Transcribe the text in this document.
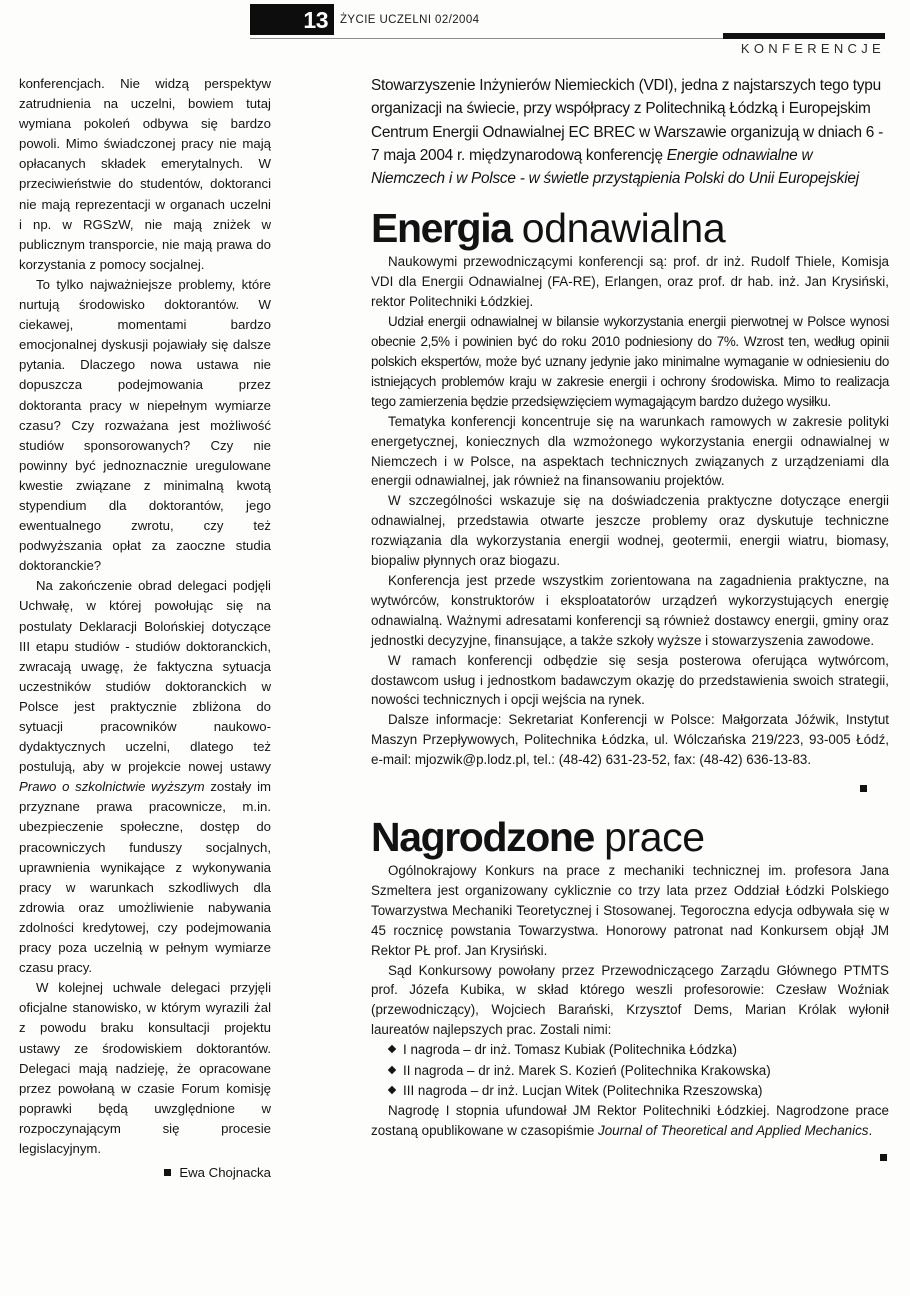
13 ŻYCIE UCZELNI 02/2004
KONFERENCJE

konferencjach. Nie widzą perspektyw zatrudnienia na uczelni, bowiem tutaj wymiana pokoleń odbywa się bardzo powoli. Mimo świadczonej pracy nie mają opłacanych składek emerytalnych. W przeciwieństwie do studentów, doktoranci nie mają reprezentacji w organach uczelni i np. w RGSzW, nie mają zniżek w publicznym transporcie, nie mają prawa do korzystania z pomocy socjalnej.

To tylko najważniejsze problemy, które nurtują środowisko doktorantów. W ciekawej, momentami bardzo emocjonalnej dyskusji pojawiały się dalsze pytania. Dlaczego nowa ustawa nie dopuszcza podejmowania przez doktoranta pracy w niepełnym wymiarze czasu? Czy rozważana jest możliwość studiów sponsorowanych? Czy nie powinny być jednoznacznie uregulowane kwestie związane z minimalną kwotą stypendium dla doktorantów, jego ewentualnego zwrotu, czy też podwyższania opłat za zaoczne studia doktoranckie?

Na zakończenie obrad delegaci podjęli Uchwałę, w której powołując się na postulaty Deklaracji Bolońskiej dotyczące III etapu studiów - studiów doktoranckich, zwracają uwagę, że faktyczna sytuacja uczestników studiów doktoranckich w Polsce jest praktycznie zbliżona do sytuacji pracowników naukowo-dydaktycznych uczelni, dlatego też postulują, aby w projekcie nowej ustawy Prawo o szkolnictwie wyższym zostały im przyznane prawa pracownicze, m.in. ubezpieczenie społeczne, dostęp do pracowniczych funduszy socjalnych, uprawnienia wynikające z wykonywania pracy w warunkach szkodliwych dla zdrowia oraz umożliwienie nabywania zdolności kredytowej, czy podejmowania pracy poza uczelnią w pełnym wymiarze czasu pracy.

W kolejnej uchwale delegaci przyjęli oficjalne stanowisko, w którym wyrazili żal z powodu braku konsultacji projektu ustawy ze środowiskiem doktorantów. Delegaci mają nadzieję, że opracowane przez powołaną w czasie Forum komisję poprawki będą uwzględnione w rozpoczynającym się procesie legislacyjnym.

Ewa Chojnacka
Stowarzyszenie Inżynierów Niemieckich (VDI), jedna z najstarszych tego typu organizacji na świecie, przy współpracy z Politechniką Łódzką i Europejskim Centrum Energii Odnawialnej EC BREC w Warszawie organizują w dniach 6 - 7 maja 2004 r. międzynarodową konferencję Energie odnawialne w Niemczech i w Polsce - w świetle przystąpienia Polski do Unii Europejskiej
Energia odnawialna

Naukowymi przewodniczącymi konferencji są: prof. dr inż. Rudolf Thiele, Komisja VDI dla Energii Odnawialnej (FA-RE), Erlangen, oraz prof. dr hab. inż. Jan Krysiński, rektor Politechniki Łódzkiej.

Udział energii odnawialnej w bilansie wykorzystania energii pierwotnej w Polsce wynosi obecnie 2,5% i powinien być do roku 2010 podniesiony do 7%. Wzrost ten, według opinii polskich ekspertów, może być uznany jedynie jako minimalne wymaganie w odniesieniu do istniejących problemów kraju w zakresie energii i ochrony środowiska. Mimo to realizacja tego zamierzenia będzie przedsięwzięciem wymagającym bardzo dużego wysiłku.

Tematyka konferencji koncentruje się na warunkach ramowych w zakresie polityki energetycznej, koniecznych dla wzmożonego wykorzystania energii odnawialnej w Niemczech i w Polsce, na aspektach technicznych związanych z urządzeniami dla energii odnawialnej, jak również na finansowaniu projektów.

W szczególności wskazuje się na doświadczenia praktyczne dotyczące energii odnawialnej, przedstawia otwarte jeszcze problemy oraz dyskutuje techniczne rozwiązania dla wykorzystania energii wodnej, geotermii, energii wiatru, biomasy, biopaliw płynnych oraz biogazu.

Konferencja jest przede wszystkim zorientowana na zagadnienia praktyczne, na wytwórców, konstruktorów i eksploatatorów urządzeń wykorzystujących energię odnawialną. Ważnymi adresatami konferencji są również dostawcy energii, gminy oraz jednostki decyzyjne, finansujące, a także szkoły wyższe i stowarzyszenia zawodowe.

W ramach konferencji odbędzie się sesja posterowa oferująca wytwórcom, dostawcom usług i jednostkom badawczym okazję do przedstawienia swoich strategii, nowości technicznych i opcji wejścia na rynek.

Dalsze informacje: Sekretariat Konferencji w Polsce: Małgorzata Jóźwik, Instytut Maszyn Przepływowych, Politechnika Łódzka, ul. Wólczańska 219/223, 93-005 Łódź, e-mail: mjozwik@p.lodz.pl, tel.: (48-42) 631-23-52, fax: (48-42) 636-13-83.

Nagrodzone prace

Ogólnokrajowy Konkurs na prace z mechaniki technicznej im. profesora Jana Szmeltera jest organizowany cyklicznie co trzy lata przez Oddział Łódzki Polskiego Towarzystwa Mechaniki Teoretycznej i Stosowanej. Tegoroczna edycja odbywała się w 45 rocznicę powstania Towarzystwa. Honorowy patronat nad Konkursem objął JM Rektor PŁ prof. Jan Krysiński.

Sąd Konkursowy powołany przez Przewodniczącego Zarządu Głównego PTMTS prof. Józefa Kubika, w skład którego weszli profesorowie: Czesław Woźniak (przewodniczący), Wojciech Barański, Krzysztof Dems, Marian Królak wyłonił laureatów najlepszych prac. Zostali nimi:

I nagroda – dr inż. Tomasz Kubiak (Politechnika Łódzka)
II nagroda – dr inż. Marek S. Kozień (Politechnika Krakowska)
III nagroda – dr inż. Lucjan Witek (Politechnika Rzeszowska)

Nagrodę I stopnia ufundował JM Rektor Politechniki Łódzkiej. Nagrodzone prace zostaną opublikowane w czasopiśmie Journal of Theoretical and Applied Mechanics.
